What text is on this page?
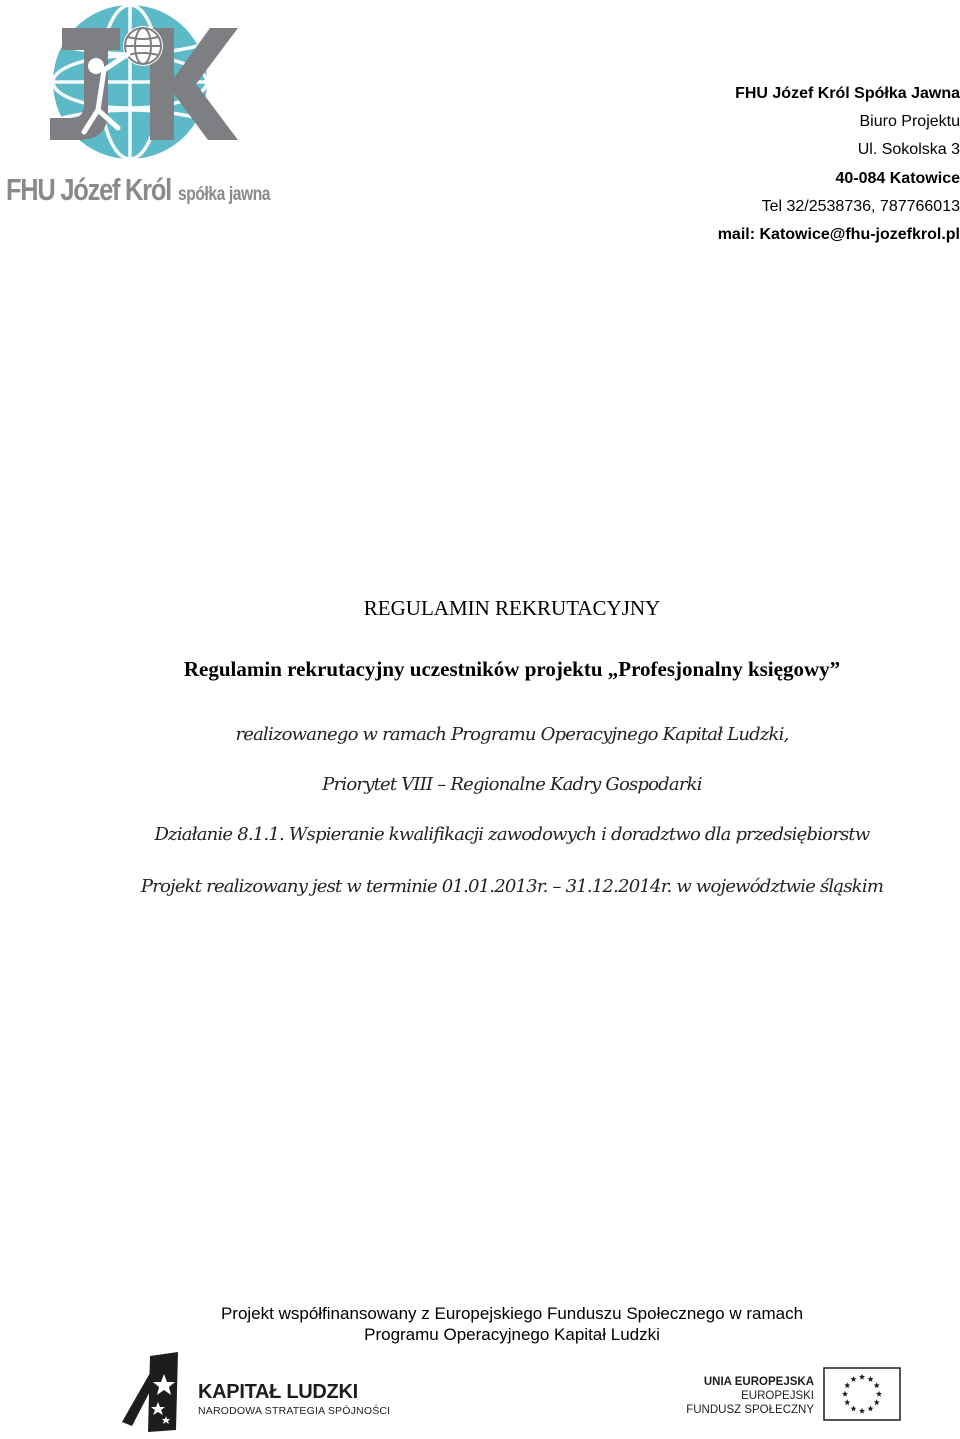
FHU Józef Król spółka jawna
FHU Józef Król Spółka Jawna
Biuro Projektu
Ul. Sokolska 3
40-084 Katowice
Tel 32/2538736, 787766013
mail: Katowice@fhu-jozefkrol.pl
REGULAMIN REKRUTACYJNY
Regulamin rekrutacyjny uczestników projektu „Profesjonalny księgowy”
realizowanego w ramach Programu Operacyjnego Kapitał Ludzki,
Priorytet VIII – Regionalne Kadry Gospodarki
Działanie 8.1.1. Wspieranie kwalifikacji zawodowych i doradztwo dla przedsiębiorstw
Projekt realizowany jest w terminie 01.01.2013r. – 31.12.2014r. w województwie śląskim
Projekt współfinansowany z Europejskiego Funduszu Społecznego w ramach
Programu Operacyjnego Kapitał Ludzki
KAPITAŁ LUDZKI
NARODOWA STRATEGIA SPÓJNOŚCI
UNIA EUROPEJSKA
EUROPEJSKI
FUNDUSZ SPOŁECZNY
